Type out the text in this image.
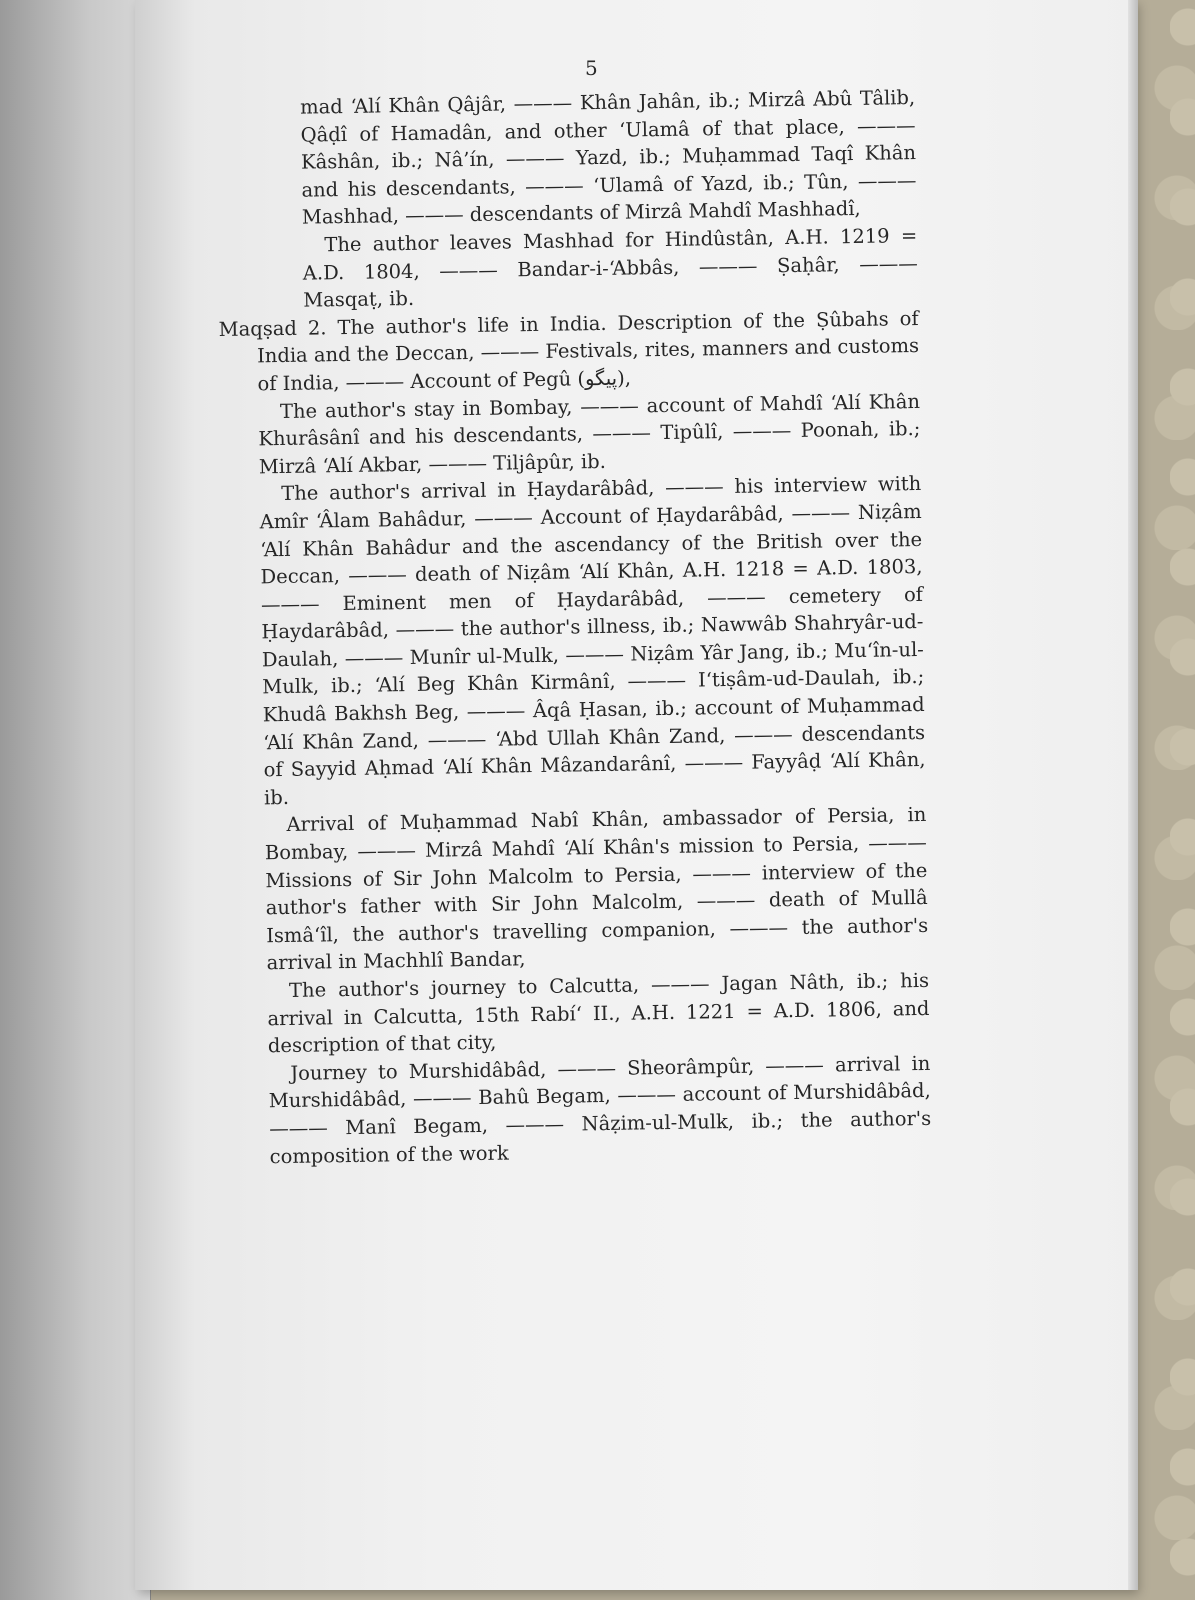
5

mad ‘Alí Khân Qâjâr, ——— Khân Jahân, ib.; Mirzâ Abû Tâlib, Qâḍî of Hamadân, and other ‘Ulamâ of that place, ——— Kâshân, ib.; Nâ’ín, ——— Yazd, ib.; Muḥammad Taqî Khân and his descendants, ——— ‘Ulamâ of Yazd, ib.; Tûn, ——— Mashhad, ——— descendants of Mirzâ Mahdî Mashhadî,

The author leaves Mashhad for Hindûstân, A.H. 1219 = A.D. 1804, ——— Bandar-i-‘Abbâs, ——— Ṣaḥâr, ——— Masqaṭ, ib.

Maqṣad 2. The author's life in India. Description of the Ṣûbahs of India and the Deccan, ——— Festivals, rites, manners and customs of India, ——— Account of Pegû (پیگو),

The author's stay in Bombay, ——— account of Mahdî ‘Alí Khân Khurâsânî and his descendants, ——— Tipûlî, ——— Poonah, ib.; Mirzâ ‘Alí Akbar, ——— Tiljâpûr, ib.

The author's arrival in Ḥaydarâbâd, ——— his interview with Amîr ‘Âlam Bahâdur, ——— Account of Ḥaydarâbâd, ——— Niẓâm ‘Alí Khân Bahâdur and the ascendancy of the British over the Deccan, ——— death of Niẓâm ‘Alí Khân, A.H. 1218 = A.D. 1803, ——— Eminent men of Ḥaydarâbâd, ——— cemetery of Ḥaydarâbâd, ——— the author's illness, ib.; Nawwâb Shahryâr-ud-Daulah, ——— Munîr ul-Mulk, ——— Niẓâm Yâr Jang, ib.; Mu‘în-ul-Mulk, ib.; ‘Alí Beg Khân Kirmânî, ——— I‘tiṣâm-ud-Daulah, ib.; Khudâ Bakhsh Beg, ——— Âqâ Ḥasan, ib.; account of Muḥammad ‘Alí Khân Zand, ——— ‘Abd Ullah Khân Zand, ——— descendants of Sayyid Aḥmad ‘Alí Khân Mâzandarânî, ——— Fayyâḍ ‘Alí Khân, ib.

Arrival of Muḥammad Nabî Khân, ambassador of Persia, in Bombay, ——— Mirzâ Mahdî ‘Alí Khân's mission to Persia, ——— Missions of Sir John Malcolm to Persia, ——— interview of the author's father with Sir John Malcolm, ——— death of Mullâ Ismâ‘îl, the author's travelling companion, ——— the author's arrival in Machhlî Bandar,

The author's journey to Calcutta, ——— Jagan Nâth, ib.; his arrival in Calcutta, 15th Rabí‘ II., A.H. 1221 = A.D. 1806, and description of that city,

Journey to Murshidâbâd, ——— Sheorâmpûr, ——— arrival in Murshidâbâd, ——— Bahû Begam, ——— account of Murshidâbâd, ——— Manî Begam, ——— Nâẓim-ul-Mulk, ib.; the author's composition of the work
